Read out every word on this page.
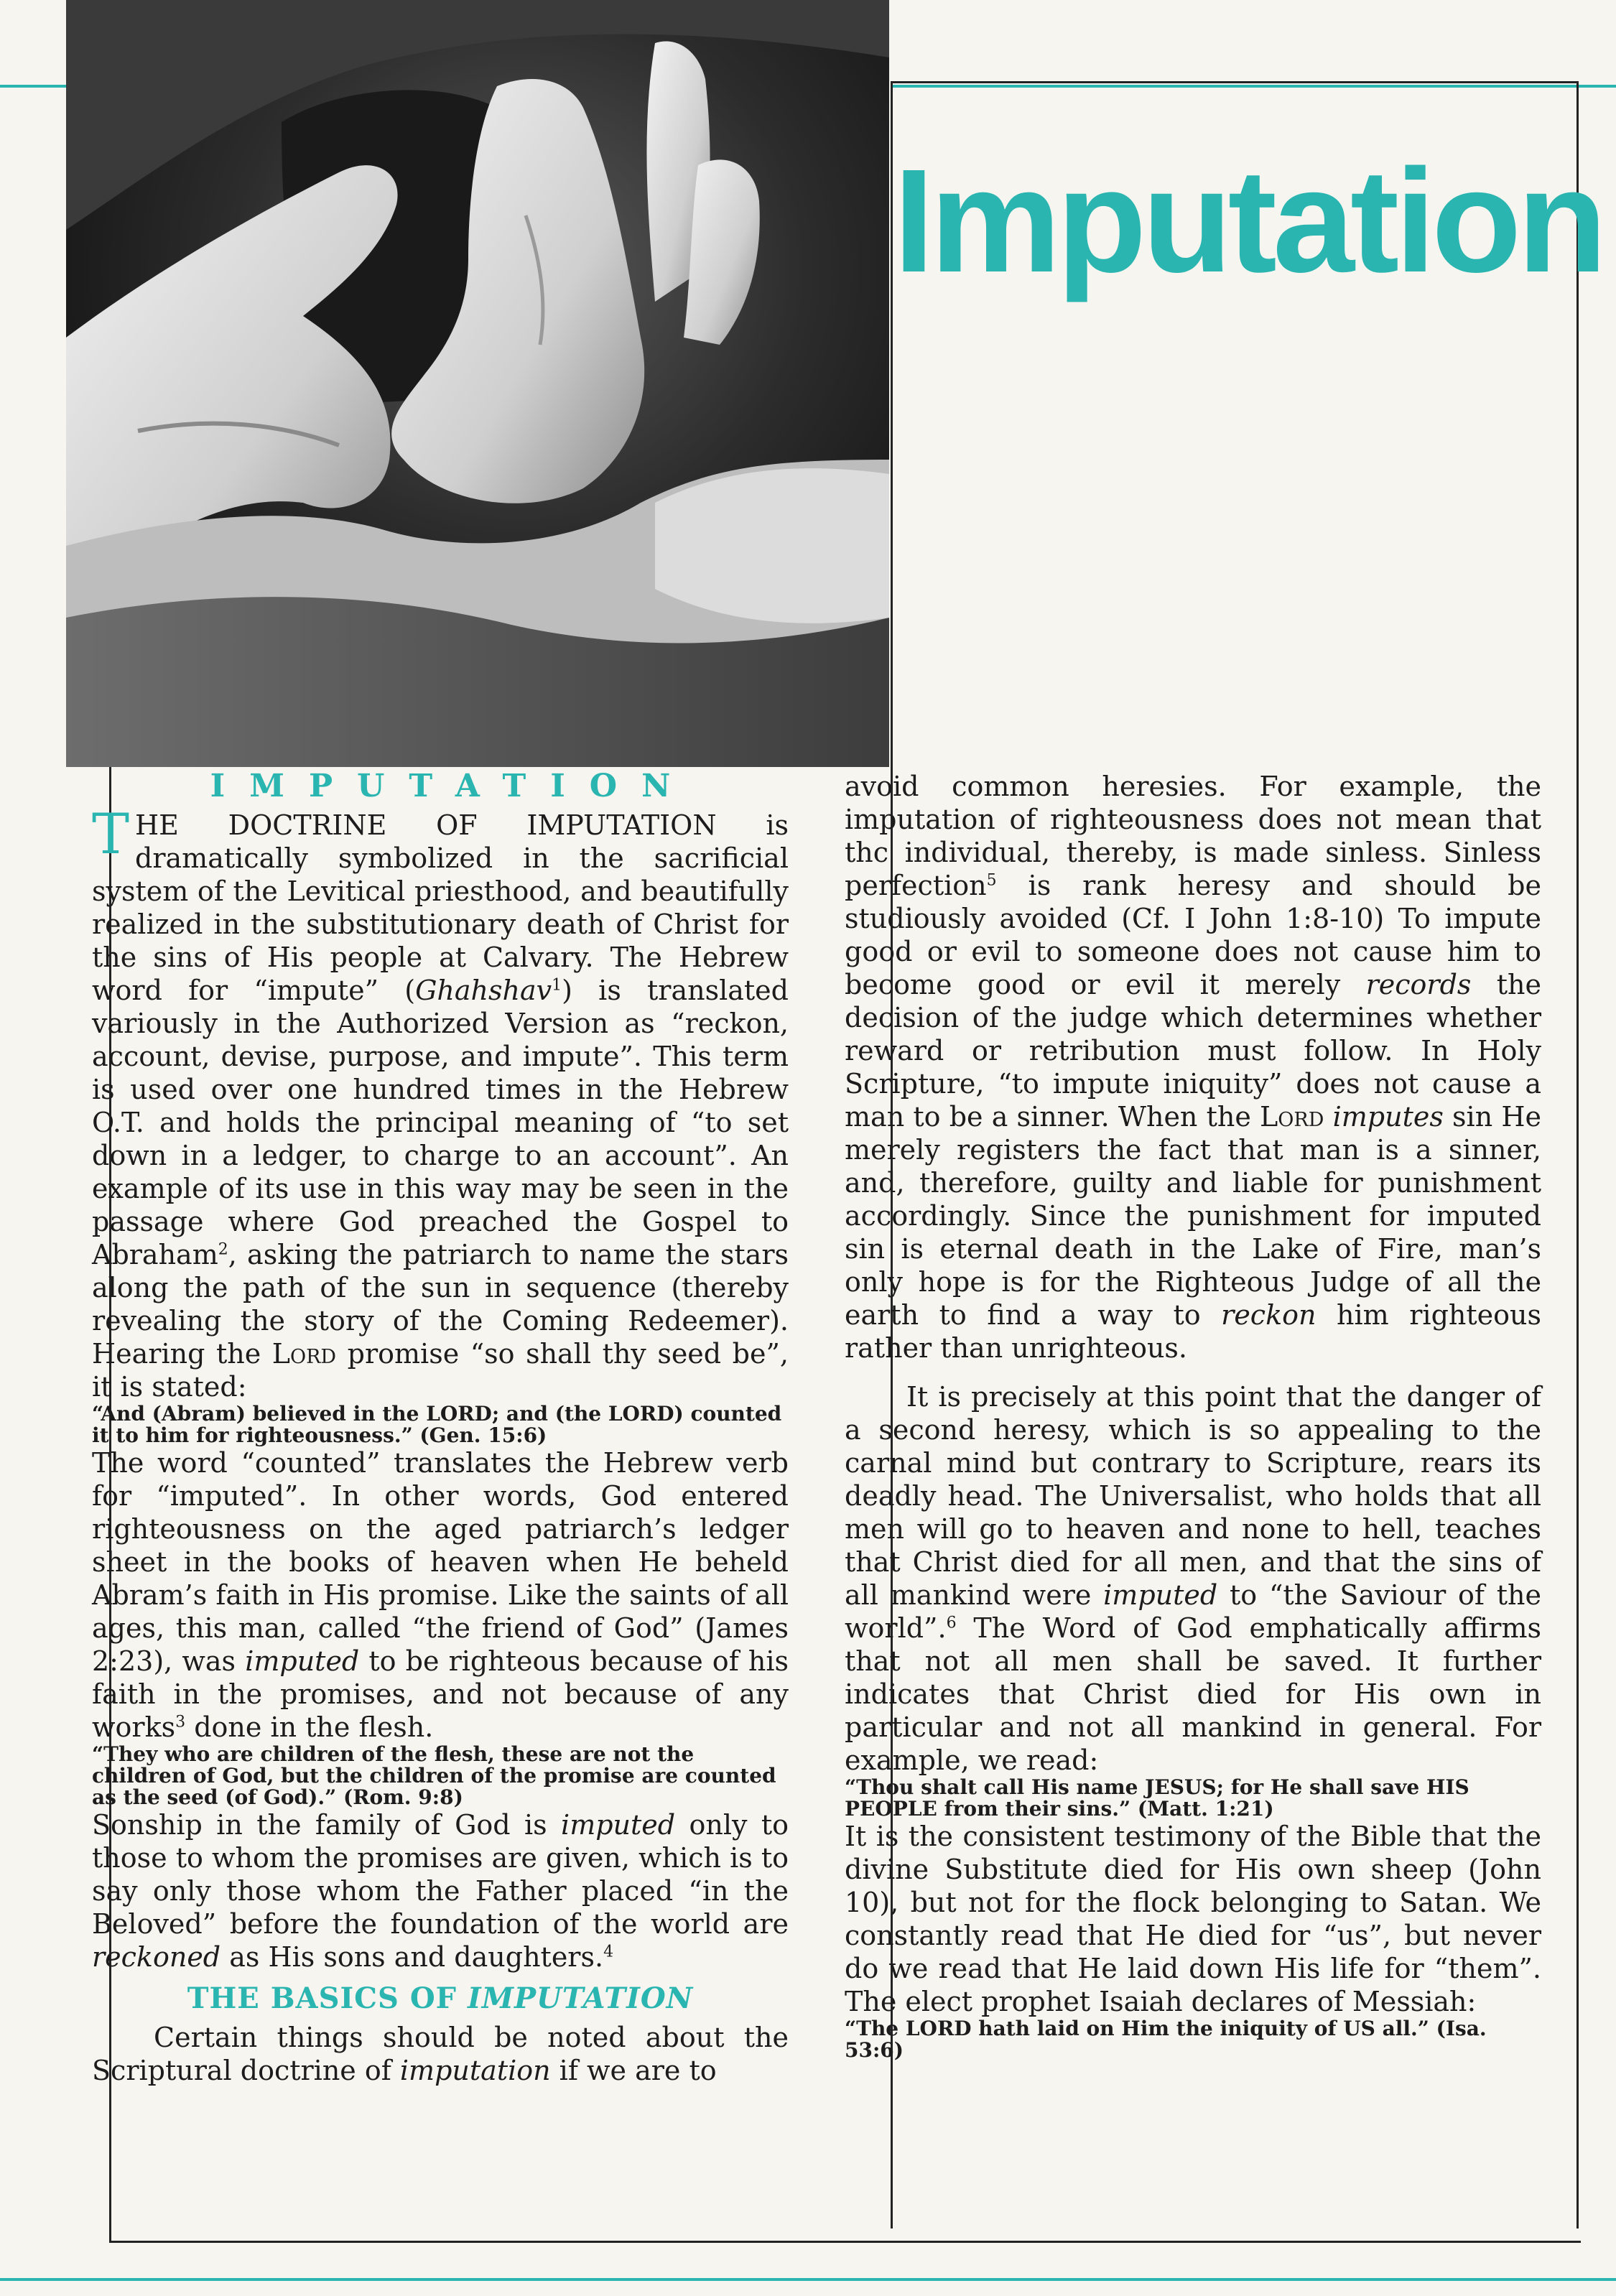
Imputation
IMPUTATION

THE DOCTRINE OF IMPUTATION is dramatically symbolized in the sacrificial system of the Levitical priesthood, and beautifully realized in the substitutionary death of Christ for the sins of His people at Calvary. The Hebrew word for “impute” (Ghahshav$^1$) is translated variously in the Authorized Version as “reckon, account, devise, purpose, and impute”. This term is used over one hundred times in the Hebrew O.T. and holds the principal meaning of “to set down in a ledger, to charge to an account”. An example of its use in this way may be seen in the passage where God preached the Gospel to Abraham$^2$, asking the patriarch to name the stars along the path of the sun in sequence (thereby revealing the story of the Coming Redeemer). Hearing the Lord promise “so shall thy seed be”, it is stated:

“And (Abram) believed in the LORD; and (the LORD) counted it to him for righteousness.” (Gen. 15:6)

The word “counted” translates the Hebrew verb for “imputed”. In other words, God entered righteousness on the aged patriarch’s ledger sheet in the books of heaven when He beheld Abram’s faith in His promise. Like the saints of all ages, this man, called “the friend of God” (James 2:23), was imputed to be righteous because of his faith in the promises, and not because of any works$^3$ done in the flesh.

“They who are children of the flesh, these are not the children of God, but the children of the promise are counted as the seed (of God).” (Rom. 9:8)

Sonship in the family of God is imputed only to those to whom the promises are given, which is to say only those whom the Father placed “in the Beloved” before the foundation of the world are reckoned as His sons and daughters.$^4$

THE BASICS OF IMPUTATION

Certain things should be noted about the Scriptural doctrine of imputation if we are to

avoid common heresies. For example, the imputation of righteousness does not mean that thc individual, thereby, is made sinless. Sinless perfection$^5$ is rank heresy and should be studiously avoided (Cf. I John 1:8-10) To impute good or evil to someone does not cause him to become good or evil it merely records the decision of the judge which determines whether reward or retribution must follow. In Holy Scripture, “to impute iniquity” does not cause a man to be a sinner. When the Lord imputes sin He merely registers the fact that man is a sinner, and, therefore, guilty and liable for punishment accordingly. Since the punishment for imputed sin is eternal death in the Lake of Fire, man’s only hope is for the Righteous Judge of all the earth to find a way to reckon him righteous rather than unrighteous.

It is precisely at this point that the danger of a second heresy, which is so appealing to the carnal mind but contrary to Scripture, rears its deadly head. The Universalist, who holds that all men will go to heaven and none to hell, teaches that Christ died for all men, and that the sins of all mankind were imputed to “the Saviour of the world”.$^6$ The Word of God emphatically affirms that not all men shall be saved. It further indicates that Christ died for His own in particular and not all mankind in general. For example, we read:

“Thou shalt call His name JESUS; for He shall save HIS PEOPLE from their sins.” (Matt. 1:21)

It is the consistent testimony of the Bible that the divine Substitute died for His own sheep (John 10), but not for the flock belonging to Satan. We constantly read that He died for “us”, but never do we read that He laid down His life for “them”. The elect prophet Isaiah declares of Messiah:

“The LORD hath laid on Him the iniquity of US all.” (Isa. 53:6)
